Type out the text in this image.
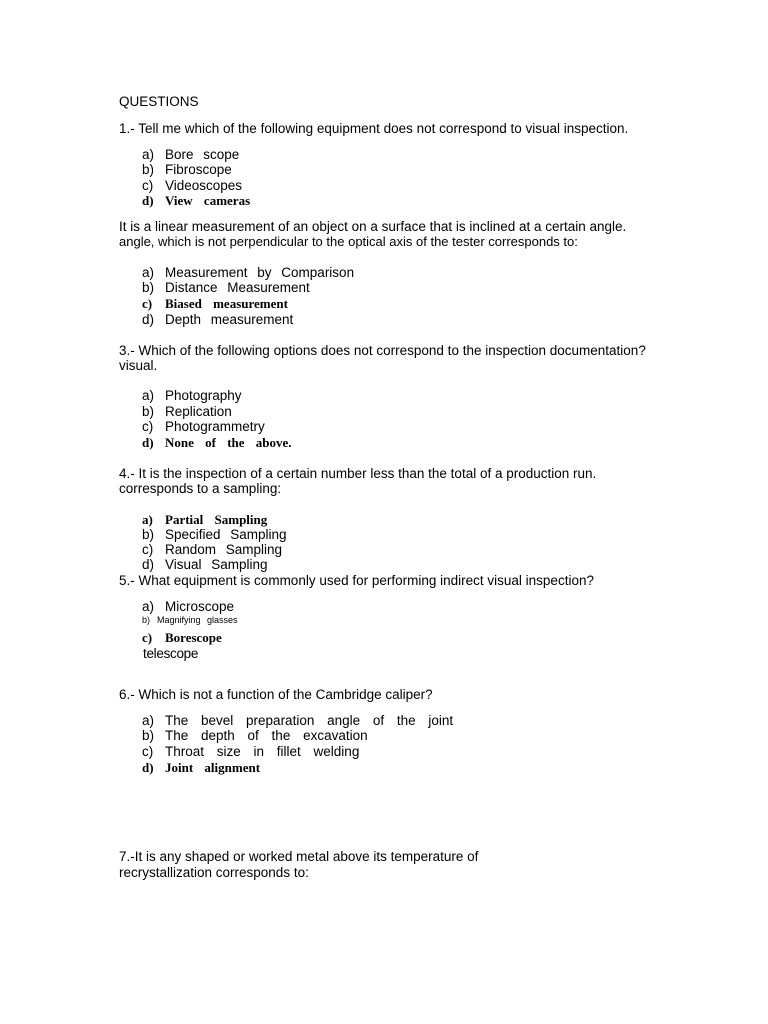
QUESTIONS
1.- Tell me which of the following equipment does not correspond to visual inspection.
a) Bore scope
b) Fibroscope
c) Videoscopes
d) View cameras
It is a linear measurement of an object on a surface that is inclined at a certain angle.
angle, which is not perpendicular to the optical axis of the tester corresponds to:
a) Measurement by Comparison
b) Distance Measurement
c) Biased measurement
d) Depth measurement
3.- Which of the following options does not correspond to the inspection documentation?
visual.
a) Photography
b) Replication
c) Photogrammetry
d) None of the above.
4.- It is the inspection of a certain number less than the total of a production run.
corresponds to a sampling:
a) Partial Sampling
b) Specified Sampling
c) Random Sampling
d) Visual Sampling
5.- What equipment is commonly used for performing indirect visual inspection?
a) Microscope
b) Magnifying glasses
c) Borescope
telescope
6.- Which is not a function of the Cambridge caliper?
a) The bevel preparation angle of the joint
b) The depth of the excavation
c) Throat size in fillet welding
d) Joint alignment
7.-It is any shaped or worked metal above its temperature of
recrystallization corresponds to:
